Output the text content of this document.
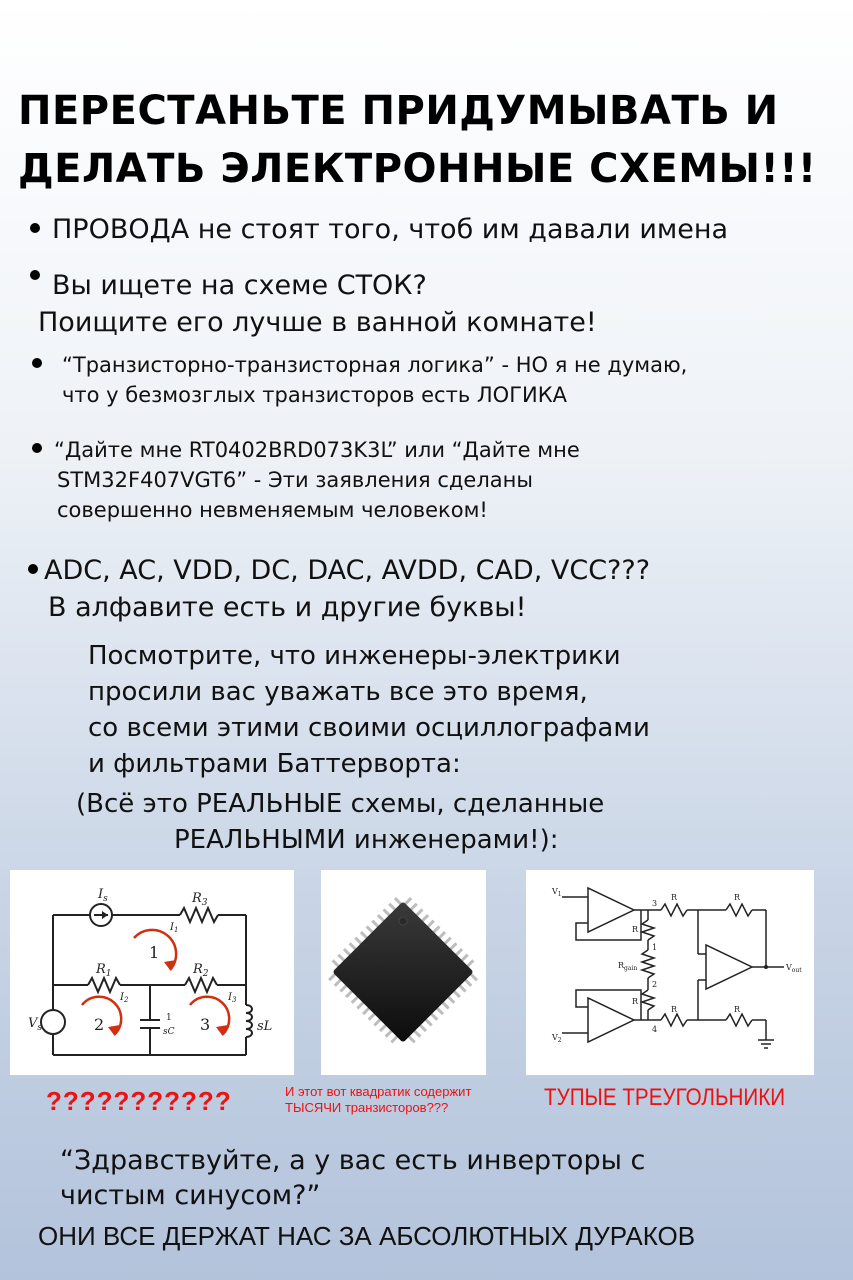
ПЕРЕСТАНЬТЕ ПРИДУМЫВАТЬ И
ДЕЛАТЬ ЭЛЕКТРОННЫЕ СХЕМЫ!!!
ПРОВОДА не стоят того, чтоб им давали имена
Вы ищете на схеме СТОК?
Поищите его лучше в ванной комнате!
“Транзисторно-транзисторная логика” - НО я не думаю,
что у безмозглых транзисторов есть ЛОГИКА
“Дайте мне RT0402BRD073K3L” или “Дайте мне
STM32F407VGT6” - Эти заявления сделаны
совершенно невменяемым человеком!
ADC, AC, VDD, DC, DAC, AVDD, CAD, VCC???
В алфавите есть и другие буквы!
Посмотрите, что инженеры-электрики
просили вас уважать все это время,
со всеми этими своими осциллографами
и фильтрами Баттерворта:
(Всё это РЕАЛЬНЫЕ схемы, сделанные
РЕАЛЬНЫМИ инженерами!):
$I_s$	$R_3$
$R_1$	$R_2$
$V_s$	sL
1
sC
1
2	3
$I_1$
$I_2$	$I_3$
$V_1$
$V_2$
$V_{out}$
R	R
R	R
R
R
$R_{gain}$
3
1
2
4
???????????	И этот вот квадратик содержит
ТЫСЯЧИ транзисторов???	ТУПЫЕ ТРЕУГОЛЬНИКИ
“Здравствуйте, а у вас есть инверторы с
чистым синусом?”
ОНИ ВСЕ ДЕРЖАТ НАС ЗА АБСОЛЮТНЫХ ДУРАКОВ
